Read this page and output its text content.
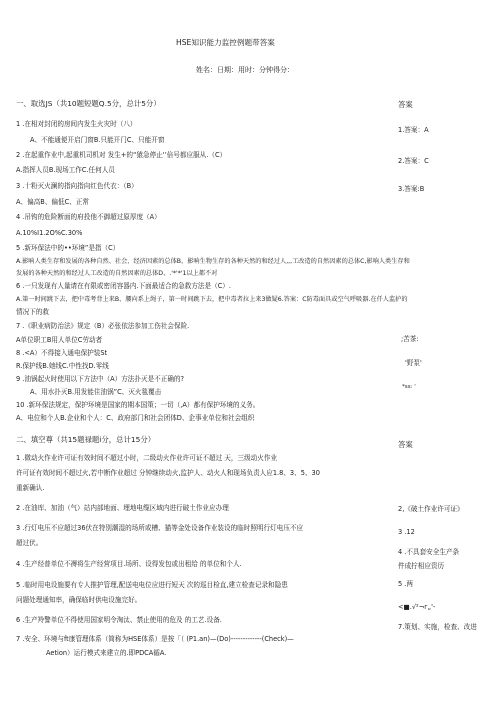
HSE知识能力监控例题带答案
姓名：日期：用时：分钟得分：
一、取选JS（共10题短题Q.5分，总计5分）	答案
1 .在相对封闭的房间内发生火灾时（八）
A、不能通便开启门窗B.只能开门C、只能开窗
2 .在起重作业中,起重机司机对 发生+的“猿急停止'’倍号都应服从.（C）
A.指挥人员B.现场工作C.任何人员
3 .十粉灭火澜的指向指向红色代衣：（B）
A、偏高B、偏低C、正常
4 .吊钩的危险断面的府投他不御超过原厚度（A）
A.10%I1.2O%C.30%
5 .新环保法中的••环境”是指（C）
A.影响人类生存和发展的各种自然、社会、经济因素的总体B、影响生物生存的各种天然的和经过人,,,工改造的自然因素的总体C,影响人类生存和
发展的各种天然的和经过人工改造的自然因素的总体D、.'*'*'1以上都不对
6 .一只发现有人量请在有限或密闭容器内.下面最适合的急救方法是（C）.
A.第一时间跳下去，把中毒考背上来B、腰向系上绳子，第一时间跳下去，把中毒者拉上来3做疑6.答案：C防毒面具或空气呼吸器.在仟人监护的
情况下的救
7 .《职业病防治法》规定（B）必张依法参加工伤社会保险.
A单位职工B用人单位C劳动者
8 .<A）不得接入通电保护装St
R.保护线B.她线C.中性找D.零线
9 .油锅起火时使用以下方法中（A）方法扑灭是不正确的?
A、用水扑灭B.用发能住油锅”C、灭火毯覆击
10 .新环保法规定，保护环境是国家的期本国策；一切（,A）都有保护环境的义务。
A、电位和个人B.企业和个人：C、政府部门和社会团体D、企事业单位和社会组织
1.答案：A
2.答案：C
3.答案:B
;苦茶:
'野泵'
*ss: '
二、填空尊（共15题禄题i分，总计15分）
答案
1 .微动火作业许可证有效时间不超过小时，二级动火作业许可证不超过 天，三级动火作业
许可证有效时间不超过火,若中断作业超过 分钟继续动火,监护人、动火人和现场负责人应1.8、3、5、30
重新确认.
2 .在油库、加油（气）站内部地面、埋地电缆区域内进行破土作业应办理
3 .行灯电压不应超过36伏在特别潮湿的场所或槽、猫等金处设备作业装设的临时照明行灯电压不应
超过伏。
4 .生产经普单位不褥将生产经营项目.场所、设得发包或出租给 的单位和个人.
5 .临时用电设施要有专人推护管理,配送电电位应进行短天 次的巡目检直,建立检查记录和隐患
问题处理通知率，确保临时供电设施完好。
6 .生产羚警单位不得使用国家明令淘汰、禁止使用的危及 的工艺.设备.
7 .安全、环境与ft康管理体系（简称为HSE体系）是按「（ (P1.an)—(Do)-------------(Check)—
Aetion）运行模式来建立的.即PDCA循A.
2,《破土作业许可证》
3 .12
4 .不具套安全生产条
件成拧相应资历
5 .两
<■.√²¬г„'-
7.策划、实施，检查、改进
